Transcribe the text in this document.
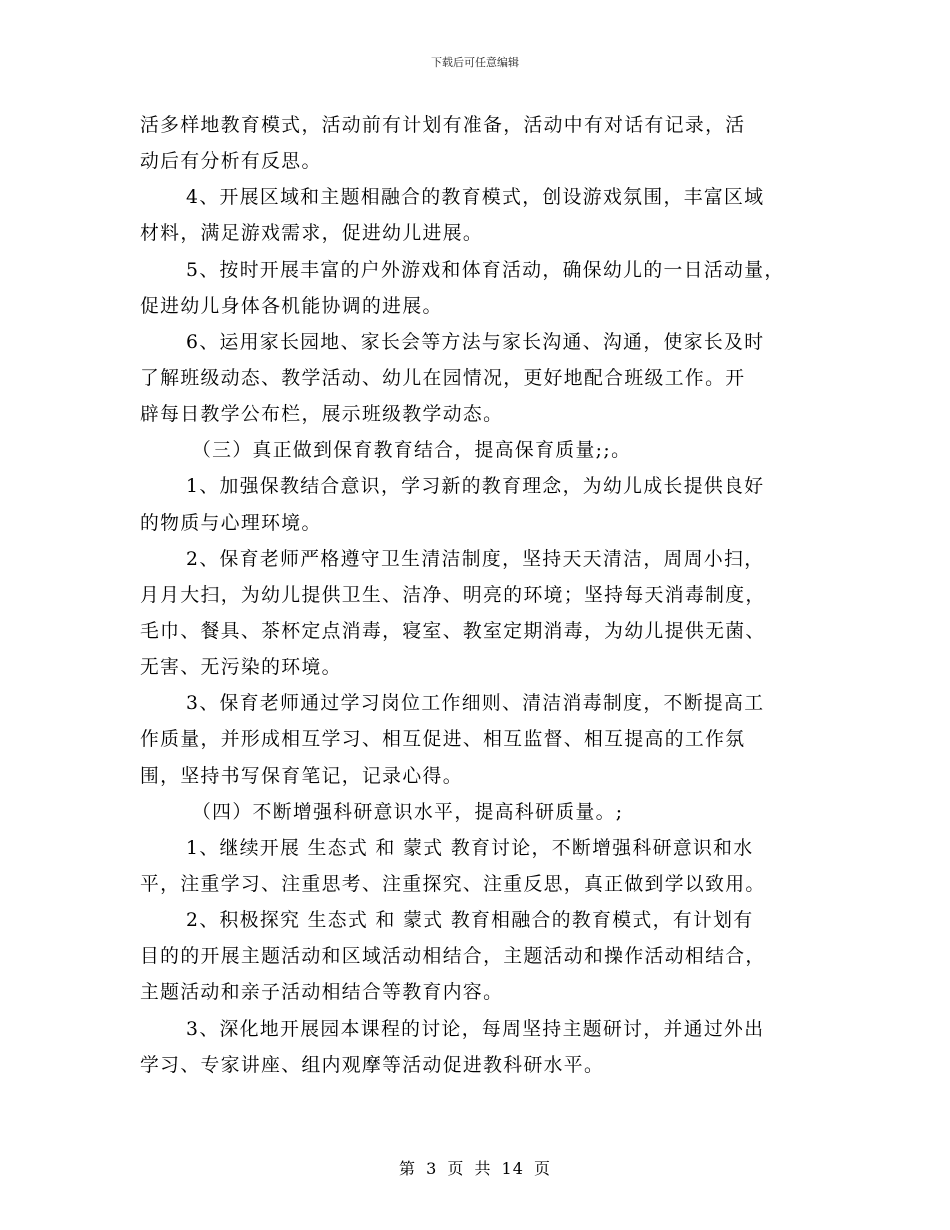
下载后可任意编辑
活多样地教育模式，活动前有计划有准备，活动中有对话有记录，活
动后有分析有反思。
4、开展区域和主题相融合的教育模式，创设游戏氛围，丰富区域
材料，满足游戏需求，促进幼儿进展。
5、按时开展丰富的户外游戏和体育活动，确保幼儿的一日活动量，
促进幼儿身体各机能协调的进展。
6、运用家长园地、家长会等方法与家长沟通、沟通，使家长及时
了解班级动态、教学活动、幼儿在园情况，更好地配合班级工作。开
辟每日教学公布栏，展示班级教学动态。
（三）真正做到保育教育结合，提高保育质量;;。
1、加强保教结合意识，学习新的教育理念，为幼儿成长提供良好
的物质与心理环境。
2、保育老师严格遵守卫生清洁制度，坚持天天清洁，周周小扫，
月月大扫，为幼儿提供卫生、洁净、明亮的环境；坚持每天消毒制度，
毛巾、餐具、茶杯定点消毒，寝室、教室定期消毒，为幼儿提供无菌、
无害、无污染的环境。
3、保育老师通过学习岗位工作细则、清洁消毒制度，不断提高工
作质量，并形成相互学习、相互促进、相互监督、相互提高的工作氛
围，坚持书写保育笔记，记录心得。
（四）不断增强科研意识水平，提高科研质量。;
1、继续开展 生态式 和 蒙式 教育讨论，不断增强科研意识和水
平，注重学习、注重思考、注重探究、注重反思，真正做到学以致用。
2、积极探究 生态式 和 蒙式 教育相融合的教育模式，有计划有
目的的开展主题活动和区域活动相结合，主题活动和操作活动相结合，
主题活动和亲子活动相结合等教育内容。
3、深化地开展园本课程的讨论，每周坚持主题研讨，并通过外出
学习、专家讲座、组内观摩等活动促进教科研水平。
第 3 页 共 14 页
